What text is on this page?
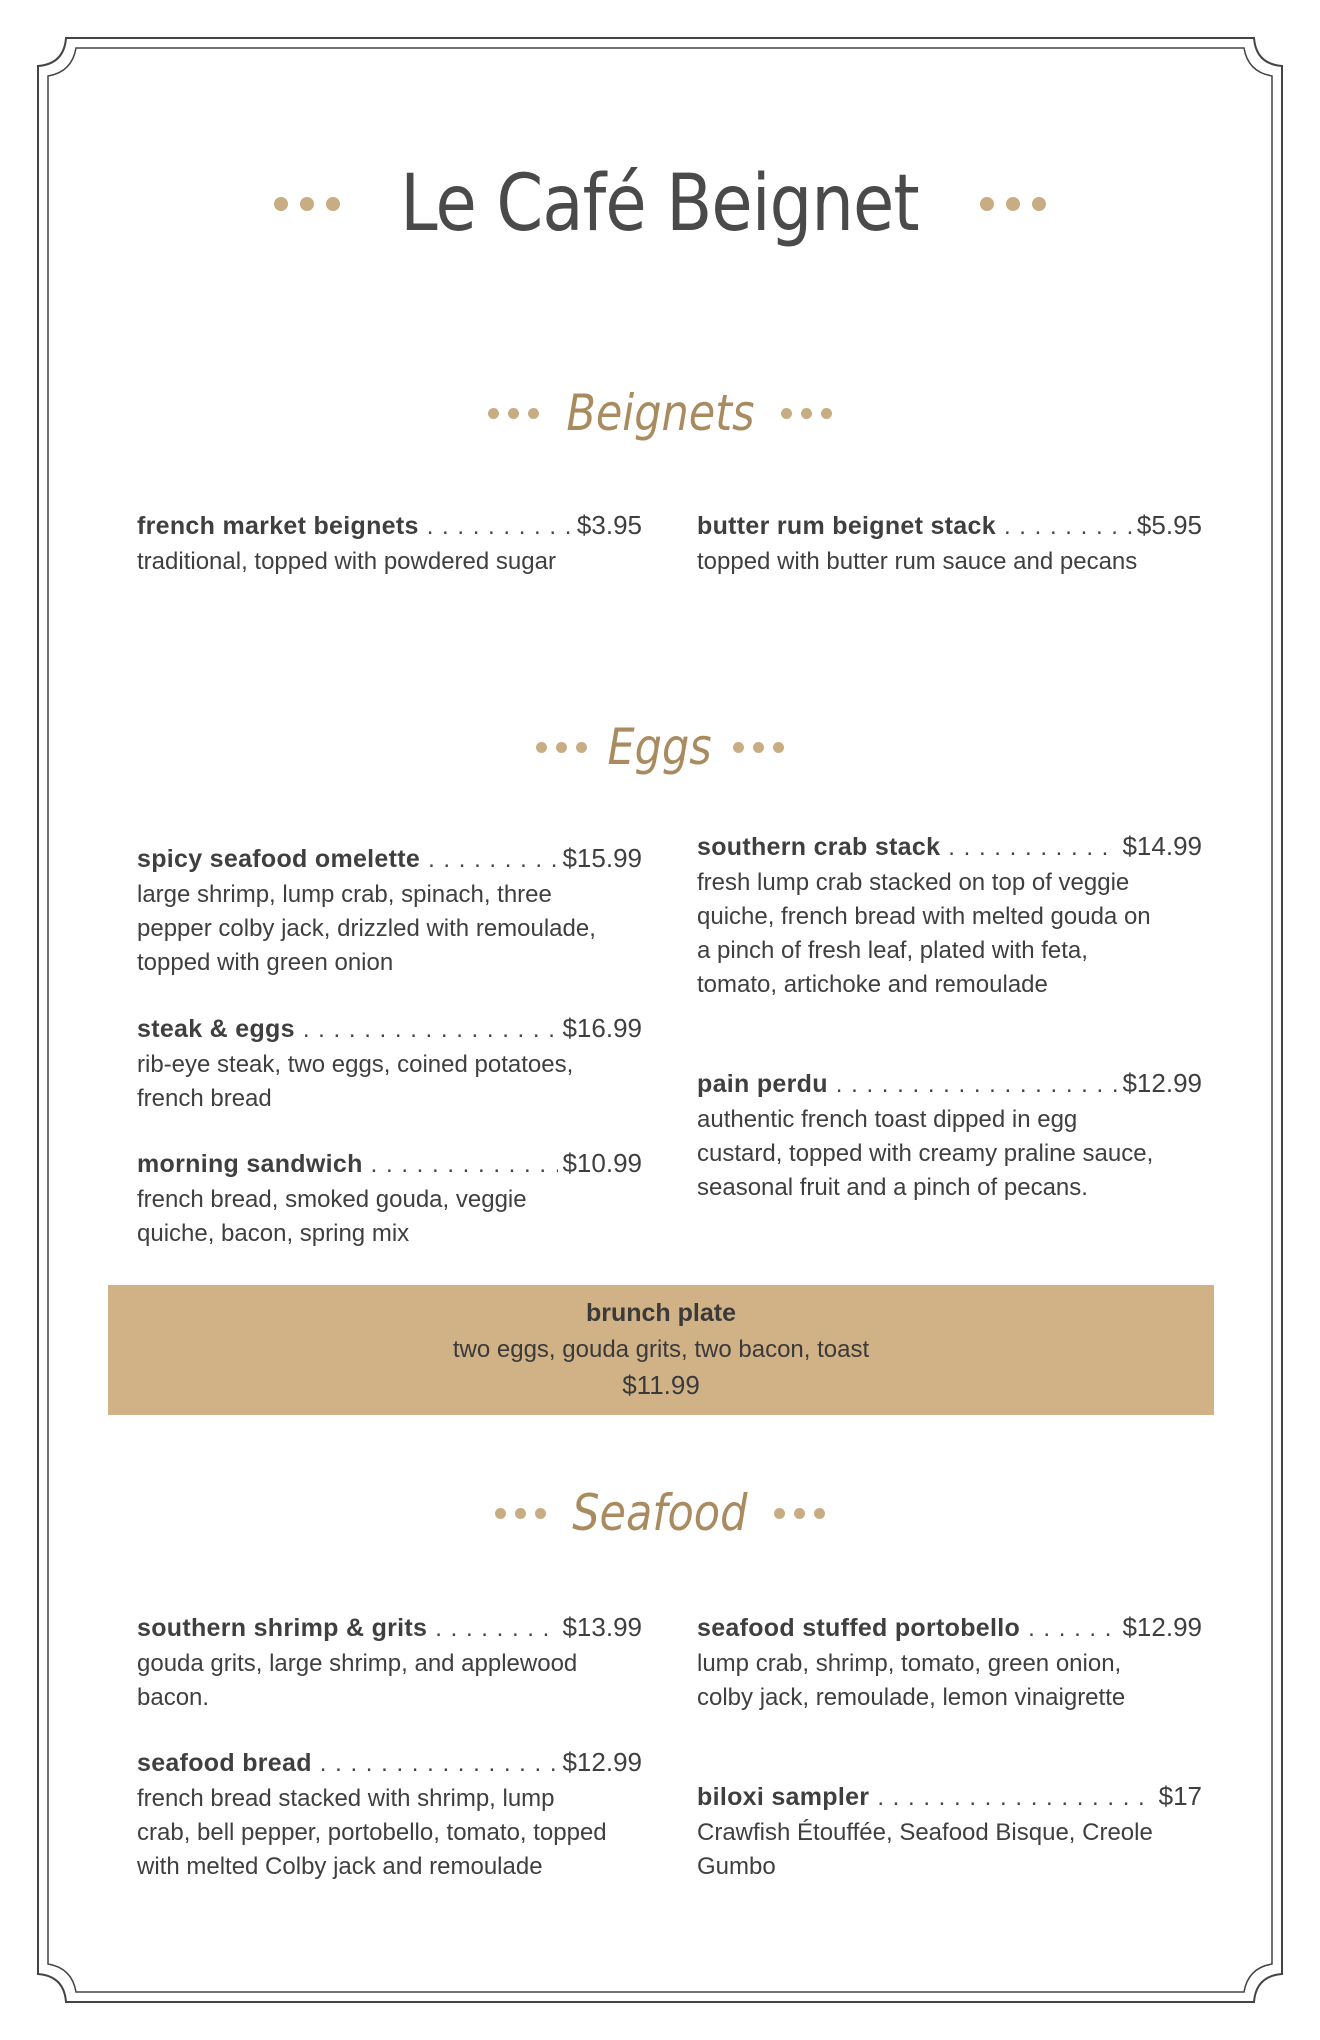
Le Café Beignet
Beignets
french market beignets . . .	$3.95
traditional, topped with powdered sugar
butter rum beignet stack . . .	$5.95
topped with butter rum sauce and pecans
Eggs
spicy seafood omelette . . .	$15.99
large shrimp, lump crab, spinach, three pepper colby jack, drizzled with remoulade, topped with green onion
steak & eggs . . .	$16.99
rib-eye steak, two eggs, coined potatoes, french bread
morning sandwich . . .	$10.99
french bread, smoked gouda, veggie quiche, bacon, spring mix
southern crab stack . . .	$14.99
fresh lump crab stacked on top of veggie quiche, french bread with melted gouda on a pinch of fresh leaf, plated with feta, tomato, artichoke and remoulade
pain perdu . . .	$12.99
authentic french toast dipped in egg custard, topped with creamy praline sauce, seasonal fruit and a pinch of pecans.
brunch plate
two eggs, gouda grits, two bacon, toast
$11.99
Seafood
southern shrimp & grits . . .	$13.99
gouda grits, large shrimp, and applewood bacon.
seafood bread . . .	$12.99
french bread stacked with shrimp, lump crab, bell pepper, portobello, tomato, topped with melted Colby jack and remoulade
seafood stuffed portobello . . .	$12.99
lump crab, shrimp, tomato, green onion, colby jack, remoulade, lemon vinaigrette
biloxi sampler . . .	$17
Crawfish Étouffée, Seafood Bisque, Creole Gumbo
